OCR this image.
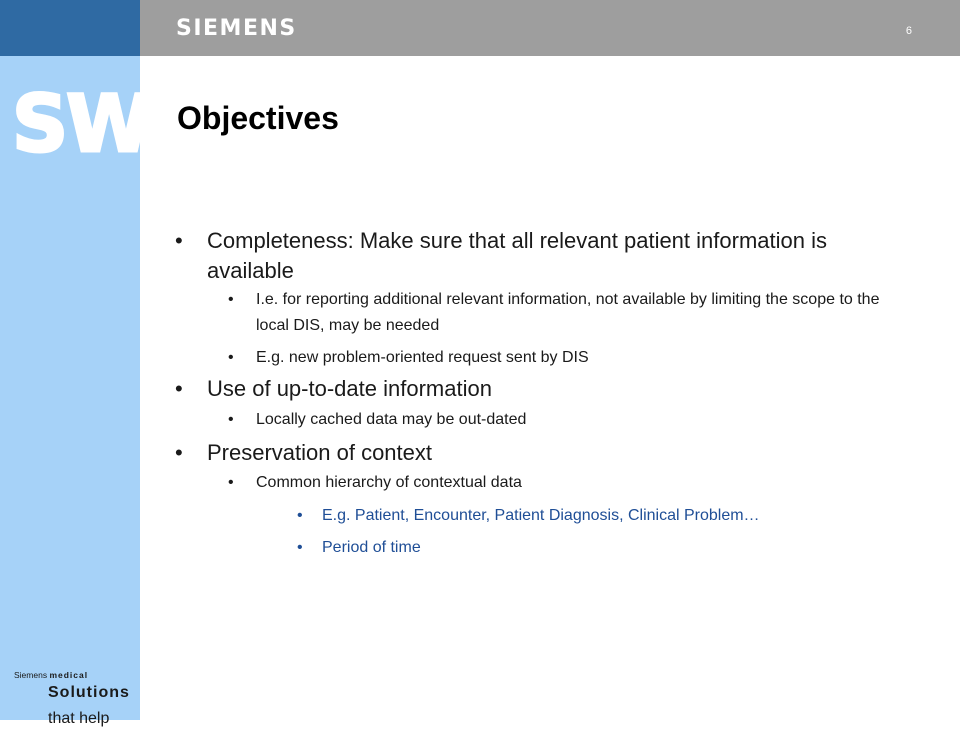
SW
Siemens medical
Solutions that help
SIEMENS	6
Objectives
•	Completeness: Make sure that all relevant patient information is available
•	I.e. for reporting additional relevant information, not available by limiting the scope to the local DIS, may be needed
•	E.g. new problem-oriented request sent by DIS
•	Use of up-to-date information
•	Locally cached data may be out-dated
•	Preservation of context
•	Common hierarchy of contextual data
•	E.g. Patient, Encounter, Patient Diagnosis, Clinical Problem…
•	Period of time
